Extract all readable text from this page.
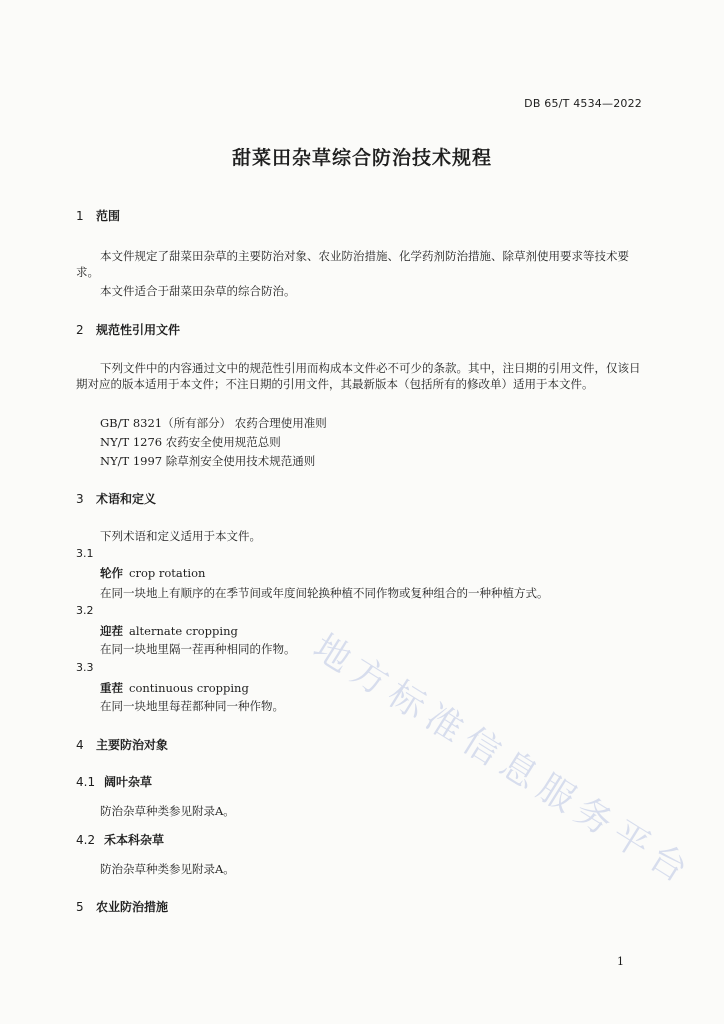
DB 65/T 4534—2022
甜菜田杂草综合防治技术规程
1 范围
本文件规定了甜菜田杂草的主要防治对象、农业防治措施、化学药剂防治措施、除草剂使用要求等技术要求。
本文件适合于甜菜田杂草的综合防治。
2 规范性引用文件
下列文件中的内容通过文中的规范性引用而构成本文件必不可少的条款。其中，注日期的引用文件，仅该日期对应的版本适用于本文件；不注日期的引用文件，其最新版本（包括所有的修改单）适用于本文件。
GB/T 8321（所有部分） 农药合理使用准则
NY/T 1276 农药安全使用规范总则
NY/T 1997 除草剂安全使用技术规范通则
3 术语和定义
下列术语和定义适用于本文件。
3.1
轮作 crop rotation
在同一块地上有顺序的在季节间或年度间轮换种植不同作物或复种组合的一种种植方式。
3.2
迎茬 alternate cropping
在同一块地里隔一茬再种相同的作物。
3.3
重茬 continuous cropping
在同一块地里每茬都种同一种作物。
4 主要防治对象
4.1 阔叶杂草
防治杂草种类参见附录A。
4.2 禾本科杂草
防治杂草种类参见附录A。
5 农业防治措施
地方标准信息服务平台
1
